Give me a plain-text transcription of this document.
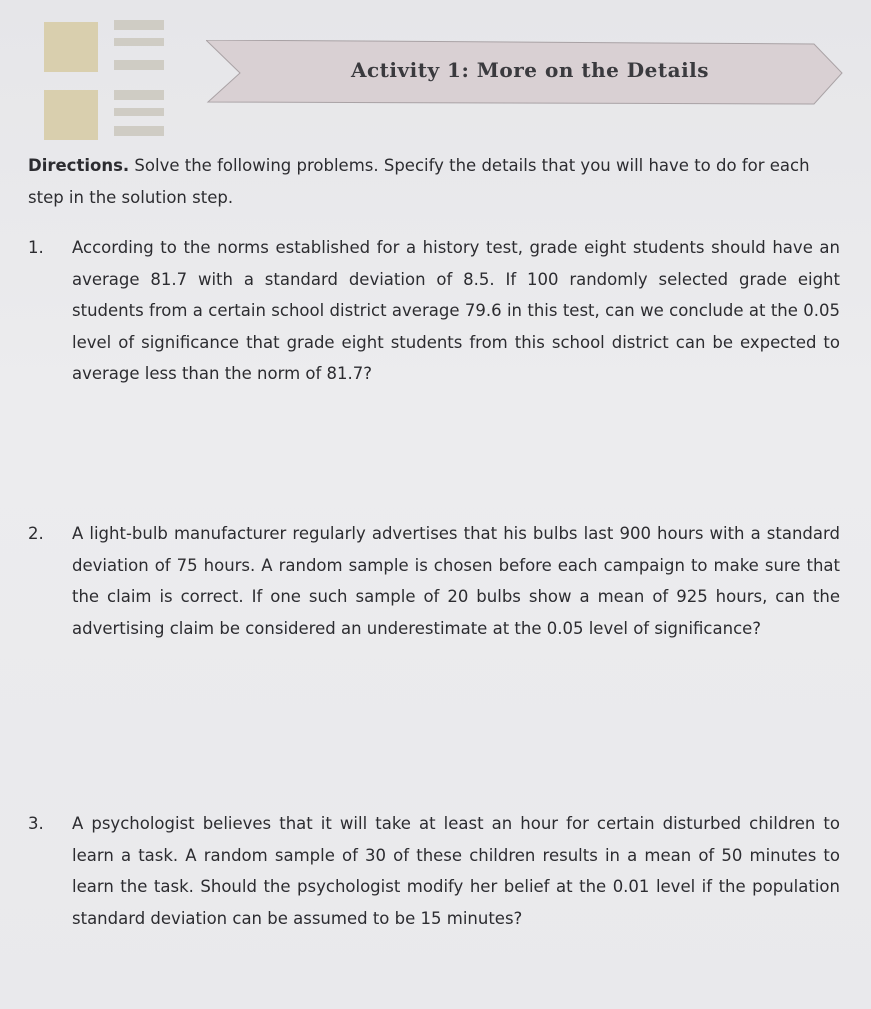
Activity 1: More on the Details
Directions. Solve the following problems. Specify the details that you will have to do for each step in the solution step.
1.	According to the norms established for a history test, grade eight students should have an average 81.7 with a standard deviation of 8.5. If 100 randomly selected grade eight students from a certain school district average 79.6 in this test, can we conclude at the 0.05 level of significance that grade eight students from this school district can be expected to average less than the norm of 81.7?
2.	A light-bulb manufacturer regularly advertises that his bulbs last 900 hours with a standard deviation of 75 hours. A random sample is chosen before each campaign to make sure that the claim is correct. If one such sample of 20 bulbs show a mean of 925 hours, can the advertising claim be considered an underestimate at the 0.05 level of significance?
3.	A psychologist believes that it will take at least an hour for certain disturbed children to learn a task. A random sample of 30 of these children results in a mean of 50 minutes to learn the task. Should the psychologist modify her belief at the 0.01 level if the population standard deviation can be assumed to be 15 minutes?
